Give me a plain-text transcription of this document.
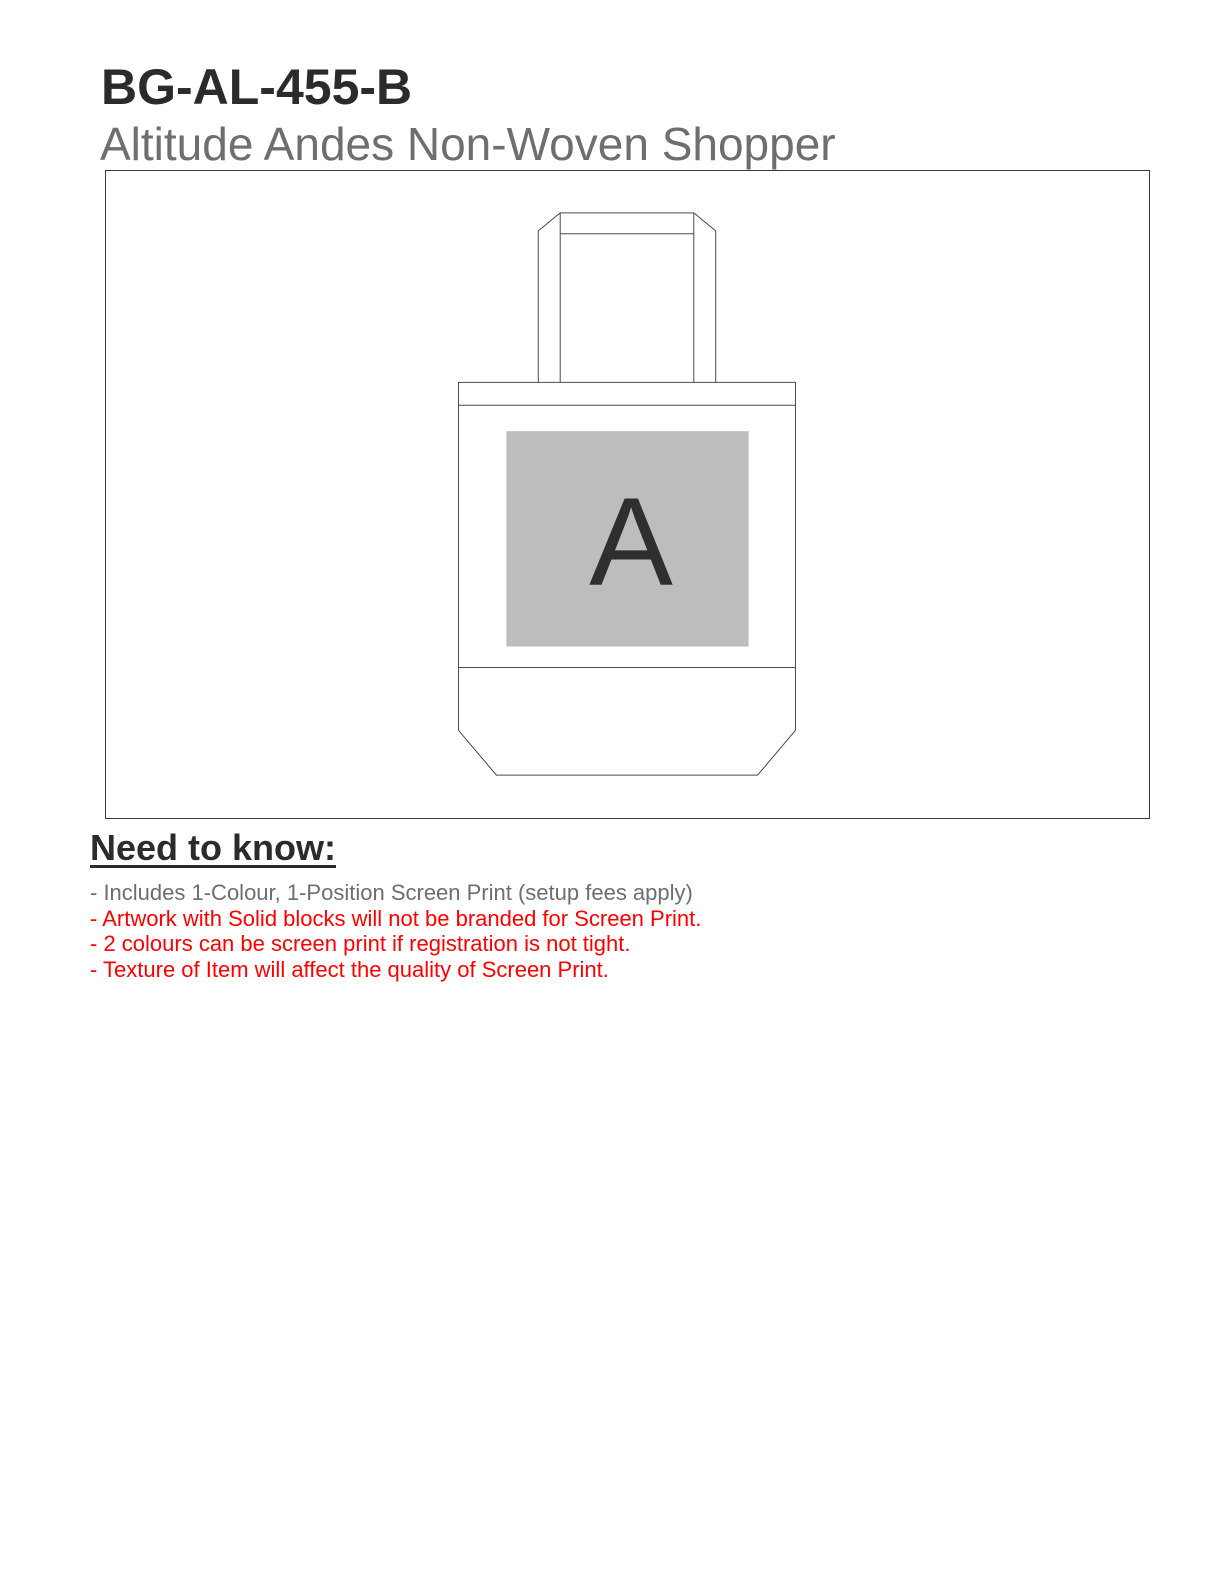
BG-AL-455-B
Altitude Andes Non-Woven Shopper
A
Need to know:
- Includes 1-Colour, 1-Position Screen Print (setup fees apply)
- Artwork with Solid blocks will not be branded for Screen Print.
- 2 colours can be screen print if registration is not tight.
- Texture of Item will affect the quality of Screen Print.
